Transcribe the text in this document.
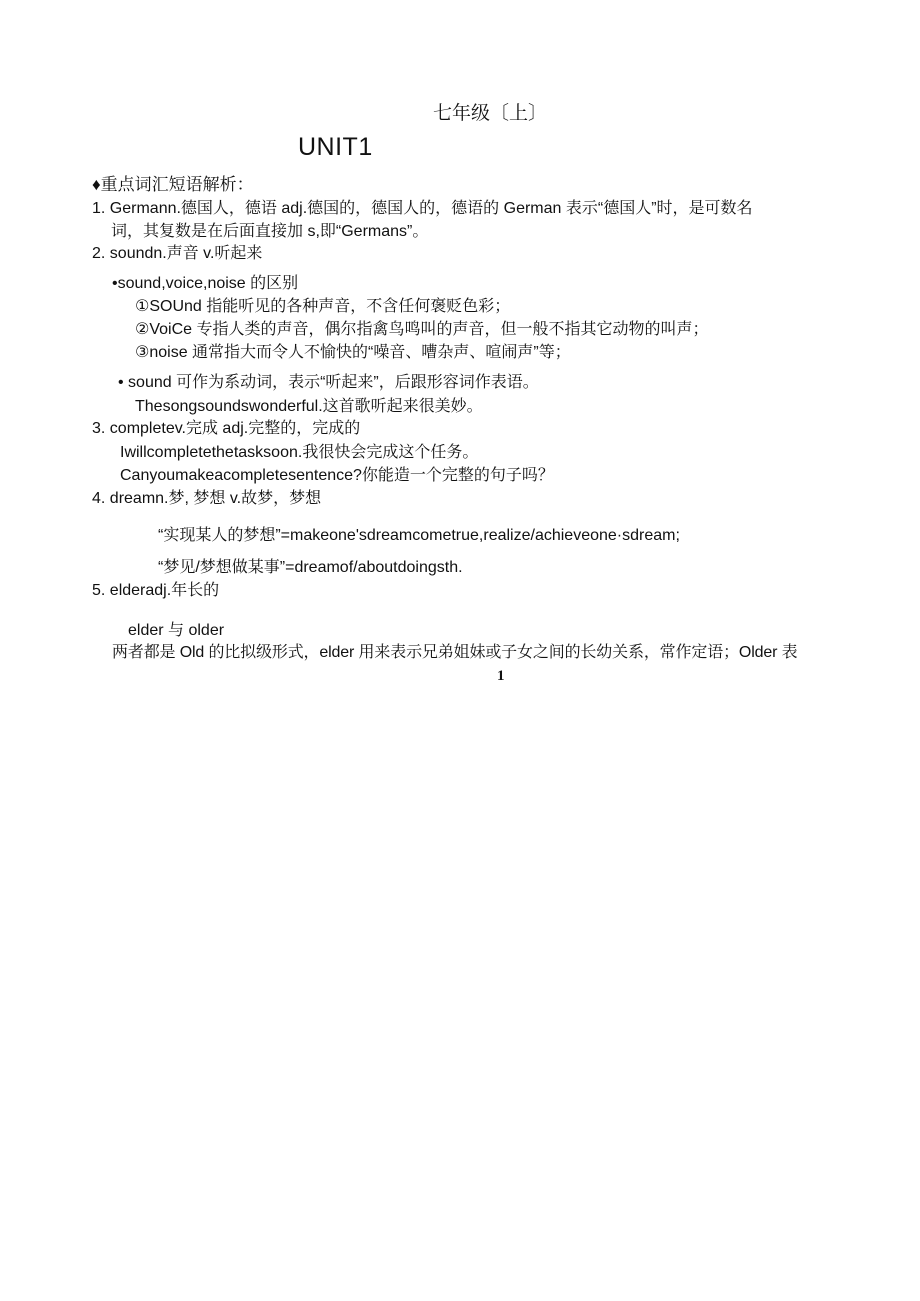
七年级〔上〕
UNIT1
♦重点词汇短语解析：
1. Germann.德国人，德语 adj.德国的，德国人的，德语的 German 表示“德国人”时，是可数名
词，其复数是在后面直接加 s,即“Germans”。
2. soundn.声音 v.听起来
•sound,voice,noise 的区别
①SOUnd 指能听见的各种声音，不含任何褒贬色彩；
②VoiCe 专指人类的声音，偶尔指禽鸟鸣叫的声音，但一般不指其它动物的叫声；
③noise 通常指大而令人不愉快的“噪音、嘈杂声、喧闹声”等；
• sound 可作为系动词，表示“听起来”，后跟形容词作表语。
Thesongsoundswonderful.这首歌听起来很美妙。
3. completev.完成 adj.完整的，完成的
Iwillcompletethetasksoon.我很快会完成这个任务。
Canyoumakeacompletesentence?你能造一个完整的句子吗？
4. dreamn.梦, 梦想 v.故梦，梦想
“实现某人的梦想”=makeone'sdreamcometrue,realize/achieveone·sdream;
“梦见/梦想做某事”=dreamof/aboutdoingsth.
5. elderadj.年长的
elder 与 older
两者都是 Old 的比拟级形式，elder 用来表示兄弟姐妹或子女之间的长幼关系，常作定语；Older 表
1
